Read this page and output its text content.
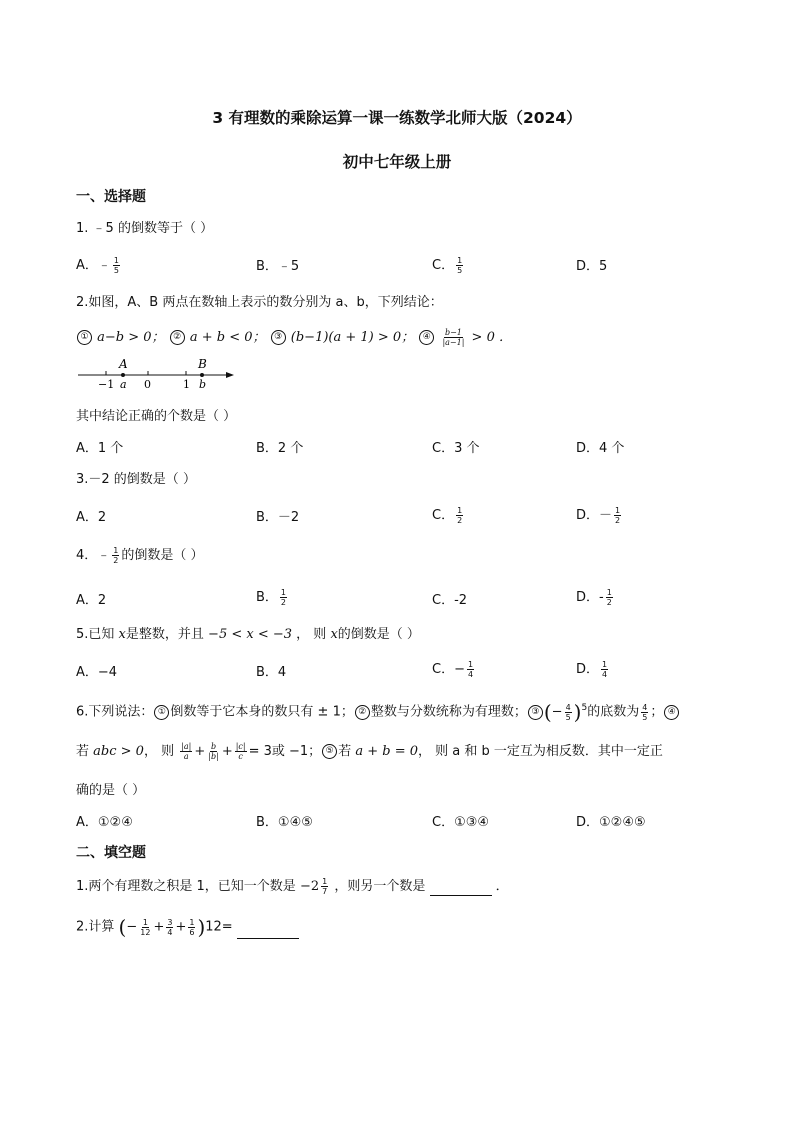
3 有理数的乘除运算一课一练数学北师大版（2024）
初中七年级上册
一、选择题
1. ﹣5 的倒数等于（ ）
A．﹣ $\frac{1}{5}$	B．﹣5	C． $\frac{1}{5}$	D．5
2.如图，A、B 两点在数轴上表示的数分别为 a、b，下列结论：
① a−b > 0； ② a + b < 0； ③ (b−1)(a + 1) > 0； ④ $\frac{b-1}{|a-1|} > 0$ ．
A	B
−1 a 0	1 b
其中结论正确的个数是（ ）
A．1 个	B．2 个	C．3 个	D．4 个
3.－2 的倒数是（ ）
A．2	B．－2	C． $\frac{1}{2}$	D．－ $\frac{1}{2}$
4．﹣ $\frac{1}{2}$ 的倒数是（ ）
A．2	B． $\frac{1}{2}$	C．-2	D．- $\frac{1}{2}$
5.已知 x是整数，并且 −5 < x < −3 ， 则 x的倒数是（ ）
A．−4	B．4	C．− $\frac{1}{4}$	D． $\frac{1}{4}$
6.下列说法： ① 倒数等于它本身的数只有 ± 1； ② 整数与分数统称为有理数； ③ (− $\frac{4}{5} )^5$的底数为 $\frac{4}{5}$ ； ④
若 abc > 0， 则 $\frac{|a|}{a} + \frac{b}{|b|} + \frac{|c|}{c} = 3$或 −1； ⑤ 若 a + b = 0， 则 a 和 b 一定互为相反数．其中一定正
确的是（ ）
A．①②④	B．①④⑤	C．①③④	D．①②④⑤
二、填空题
1.两个有理数之积是 1，已知一个数是 $-2 \frac{1}{7}$ ，则另一个数是	．
2.计算 (− $\frac{1}{12} + \frac{3}{4} + \frac{1}{6} )12=$
